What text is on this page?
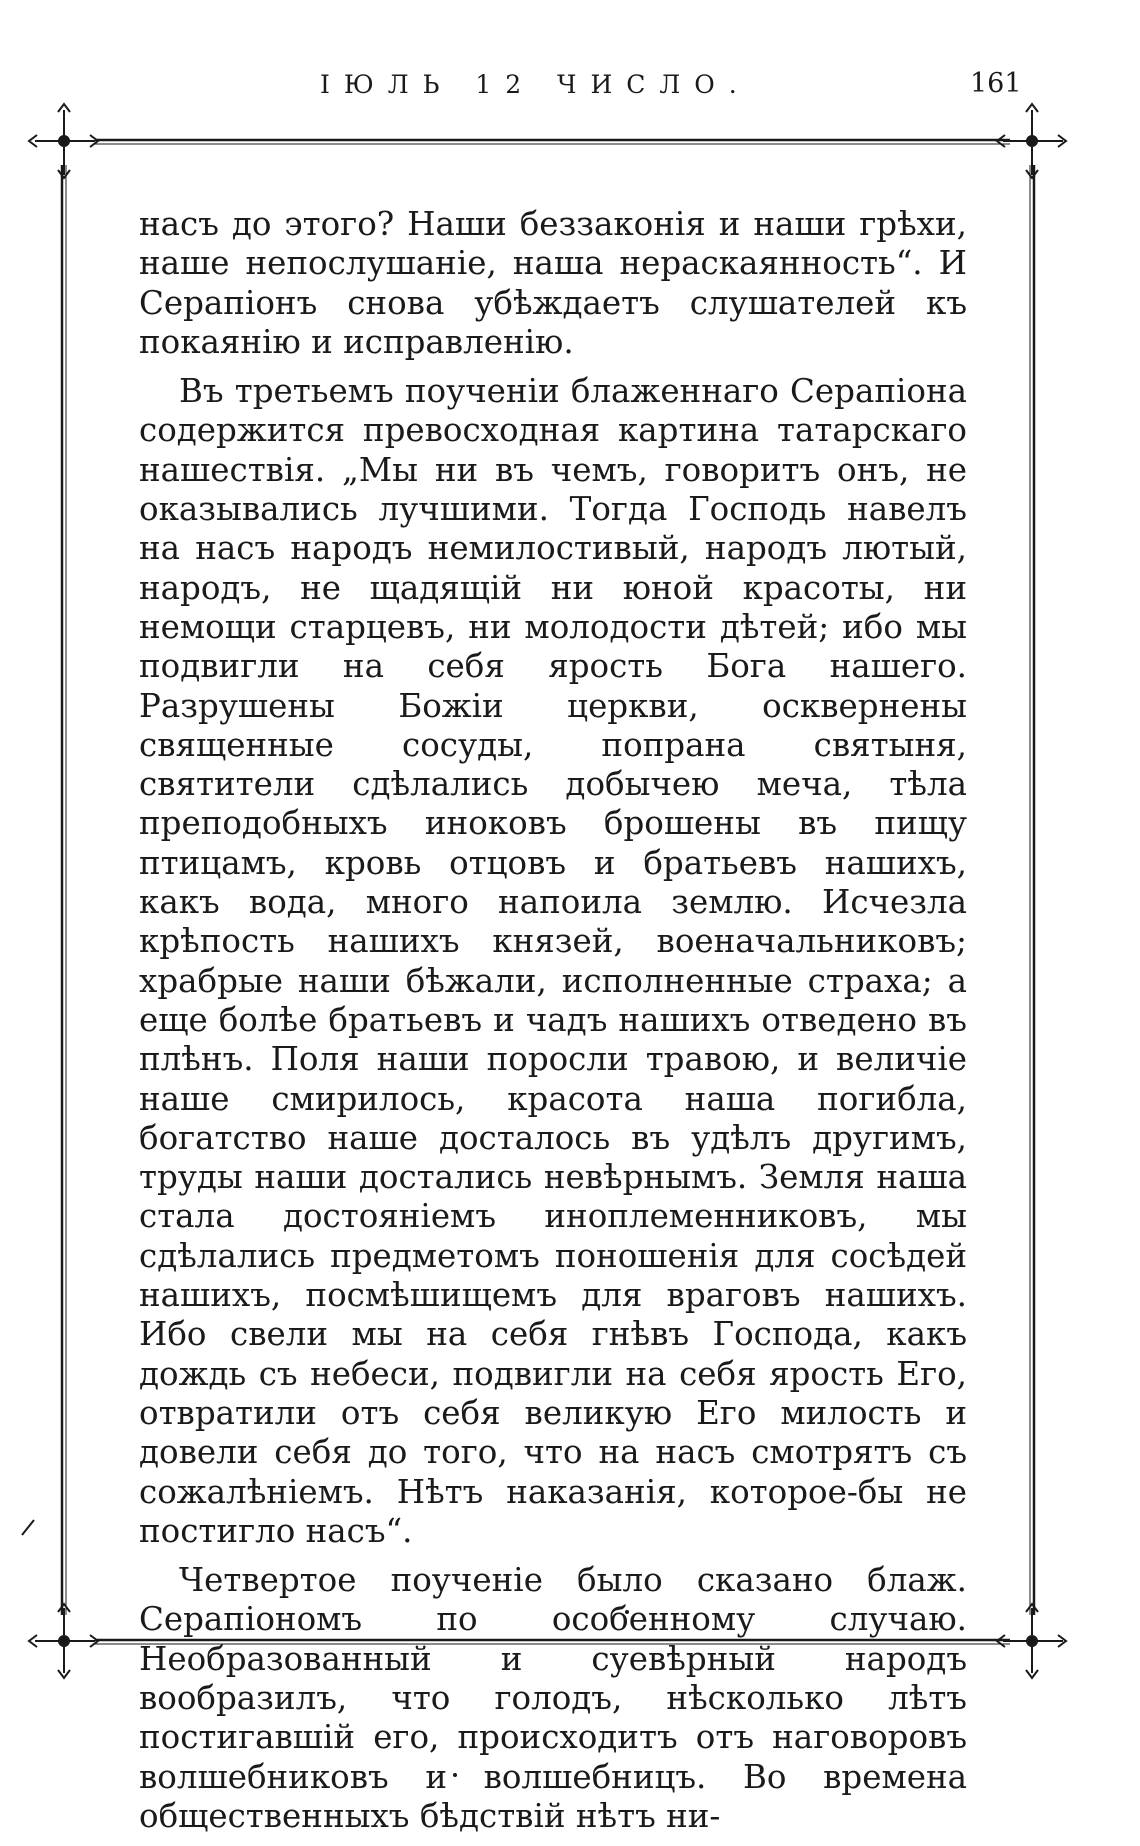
ІЮЛЬ 12 ЧИСЛО.	161

насъ до этого? Наши беззаконія и наши грѣхи, наше непослушаніе, наша нераскаянность“. И Серапіонъ снова убѣждаетъ слушателей къ покаянію и исправленію.

Въ третьемъ поученіи блаженнаго Серапіона содержится превосходная картина татарскаго нашествія. „Мы ни въ чемъ, говоритъ онъ, не оказывались лучшими. Тогда Господь навелъ на насъ народъ немилостивый, народъ лютый, народъ, не щадящій ни юной красоты, ни немощи старцевъ, ни молодости дѣтей; ибо мы подвигли на себя ярость Бога нашего. Разрушены Божіи церкви, осквернены священные сосуды, попрана святыня, святители сдѣлались добычею меча, тѣла преподобныхъ иноковъ брошены въ пищу птицамъ, кровь отцовъ и братьевъ нашихъ, какъ вода, много напоила землю. Исчезла крѣпость нашихъ князей, военачальниковъ; храбрые наши бѣжали, исполненные страха; а еще болѣе братьевъ и чадъ нашихъ отведено въ плѣнъ. Поля наши поросли травою, и величіе наше смирилось, красота наша погибла, богатство наше досталось въ удѣлъ другимъ, труды наши достались невѣрнымъ. Земля наша стала достояніемъ иноплеменниковъ, мы сдѣлались предметомъ поношенія для сосѣдей нашихъ, посмѣшищемъ для враговъ нашихъ. Ибо свели мы на себя гнѣвъ Господа, какъ дождь съ небеси, подвигли на себя ярость Его, отвратили отъ себя великую Его милость и довели себя до того, что на насъ смотрятъ съ сожалѣніемъ. Нѣтъ наказанія, которое-бы не постигло насъ“.

Четвертое поученіе было сказано блаж. Серапіономъ по особенному случаю. Необразованный и суевѣрный народъ вообразилъ, что голодъ, нѣсколько лѣтъ постигавшій его, происходитъ отъ наговоровъ волшебниковъ и волшебницъ. Во времена общественныхъ бѣдствій нѣтъ ни-
